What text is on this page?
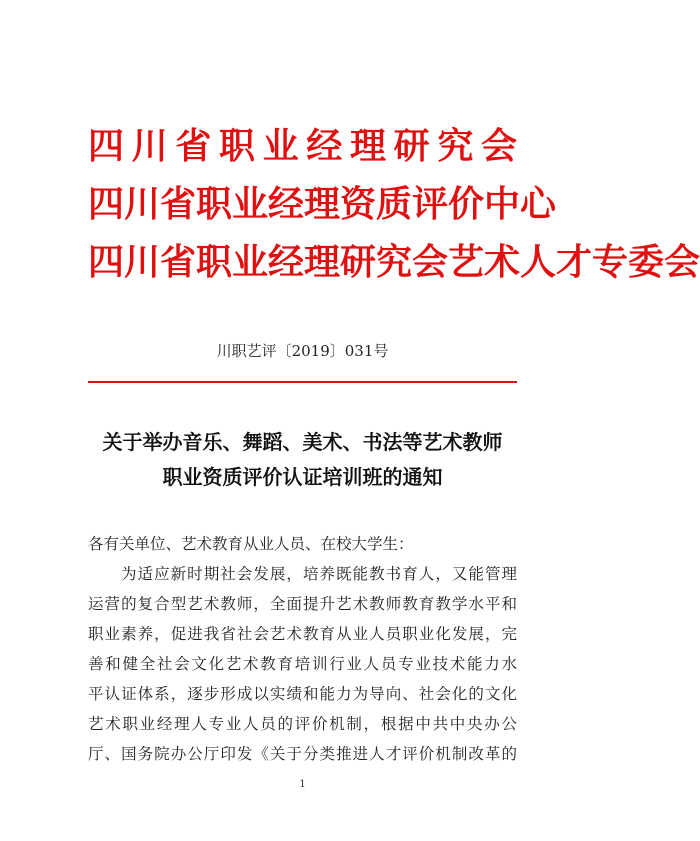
四川省职业经理研究会
四川省职业经理资质评价中心
四川省职业经理研究会艺术人才专委会
川职艺评〔2019〕031号
关于举办音乐、舞蹈、美术、书法等艺术教师
职业资质评价认证培训班的通知
各有关单位、艺术教育从业人员、在校大学生：
为适应新时期社会发展，培养既能教书育人，又能管理
运营的复合型艺术教师，全面提升艺术教师教育教学水平和
职业素养，促进我省社会艺术教育从业人员职业化发展，完
善和健全社会文化艺术教育培训行业人员专业技术能力水
平认证体系，逐步形成以实绩和能力为导向、社会化的文化
艺术职业经理人专业人员的评价机制，根据中共中央办公
厅、国务院办公厅印发《关于分类推进人才评价机制改革的
1
